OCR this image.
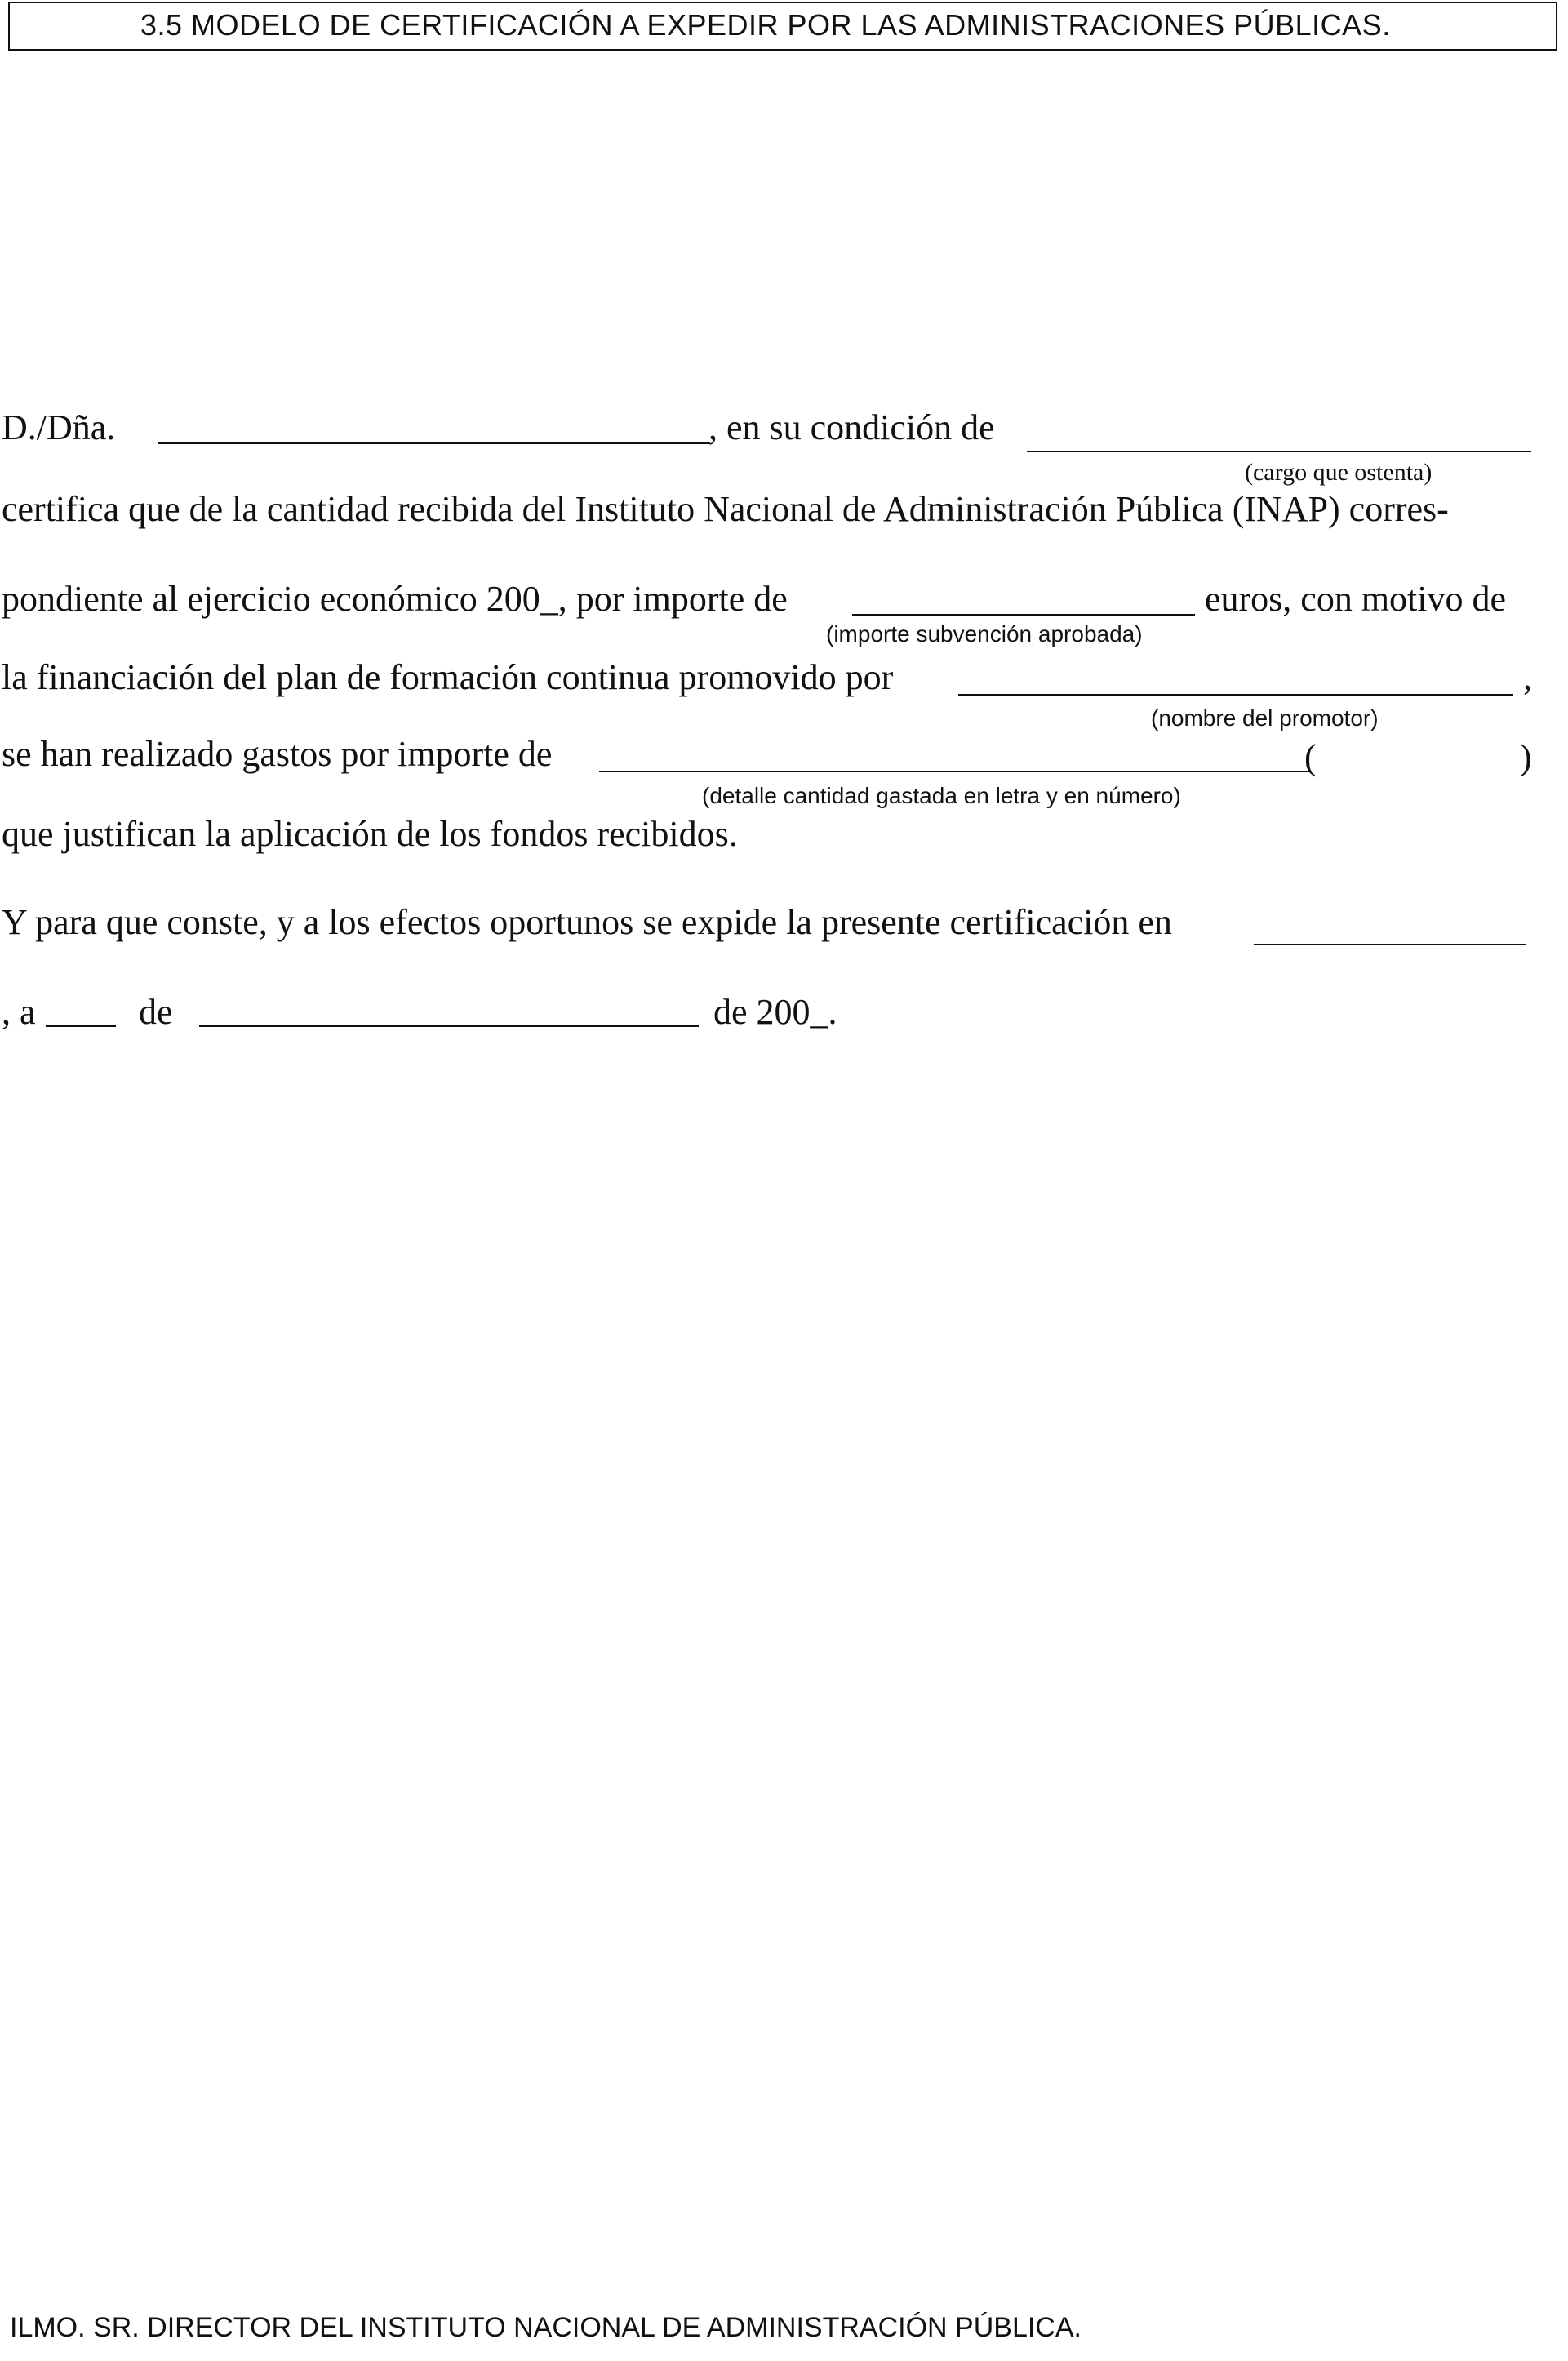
3.5 MODELO DE CERTIFICACIÓN A EXPEDIR POR LAS ADMINISTRACIONES PÚBLICAS.
D./Dña.	, en su condición de
(cargo que ostenta)
certifica que de la cantidad recibida del Instituto Nacional de Administración Pública (INAP) corres-
pondiente al ejercicio económico 200_, por importe de	euros, con motivo de
(importe subvención aprobada)
la financiación del plan de formación continua promovido por	,
(nombre del promotor)
se han realizado gastos por importe de	(	)
(detalle cantidad gastada en letra y en número)
que justifican la aplicación de los fondos recibidos.
Y para que conste, y a los efectos oportunos se expide la presente certificación en
, a	de	de 200_.
ILMO. SR. DIRECTOR DEL INSTITUTO NACIONAL DE ADMINISTRACIÓN PÚBLICA.
